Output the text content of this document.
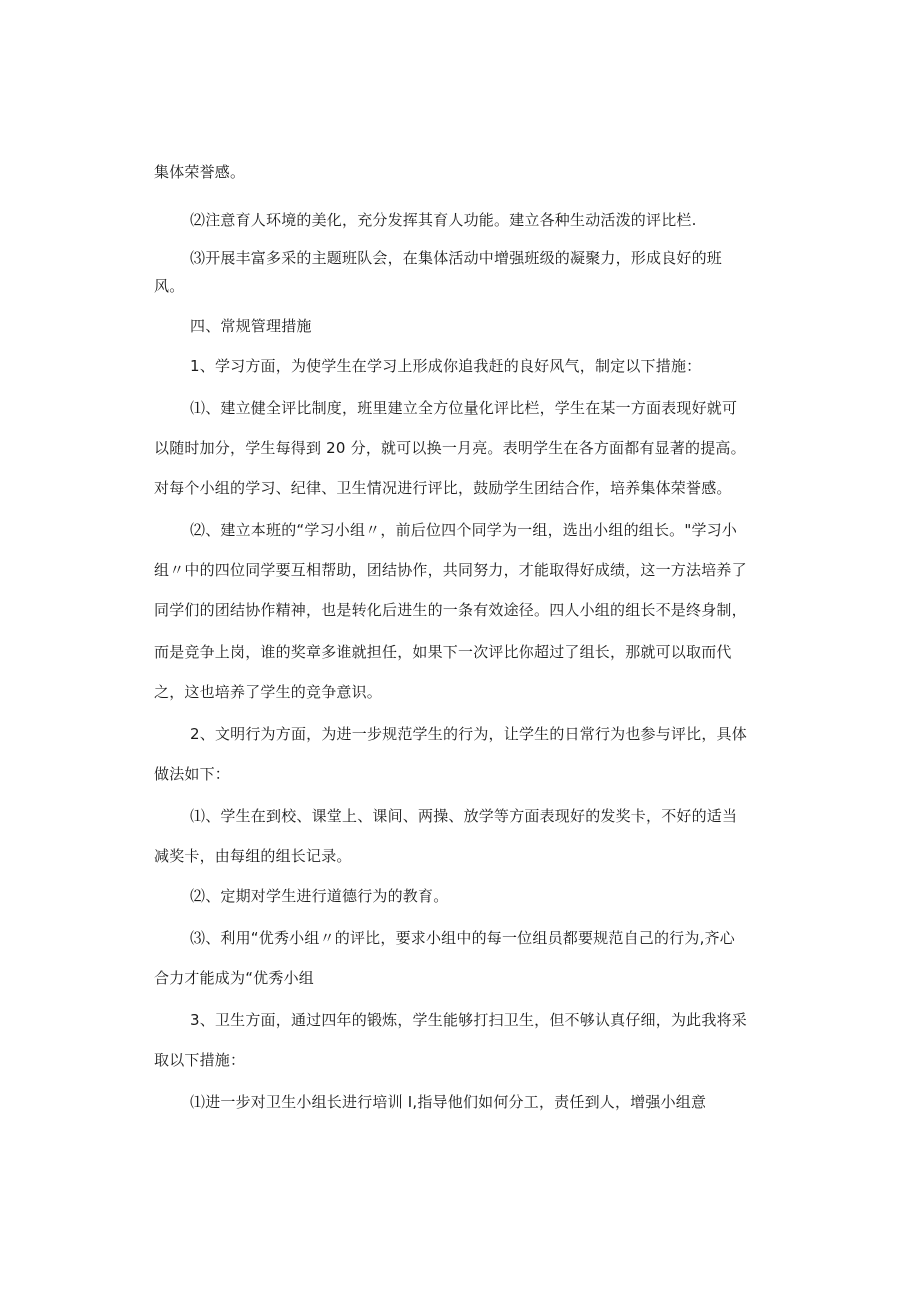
集体荣誉感。
⑵注意育人环境的美化，充分发挥其育人功能。建立各种生动活泼的评比栏.
⑶开展丰富多采的主题班队会，在集体活动中增强班级的凝聚力，形成良好的班
风。
四、常规管理措施
1、学习方面，为使学生在学习上形成你追我赶的良好风气，制定以下措施：
⑴、建立健全评比制度，班里建立全方位量化评比栏，学生在某一方面表现好就可
以随时加分，学生每得到 20 分，就可以换一月亮。表明学生在各方面都有显著的提高。
对每个小组的学习、纪律、卫生情况进行评比，鼓励学生团结合作，培养集体荣誉感。
⑵、建立本班的“学习小组〃，前后位四个同学为一组，选出小组的组长。"学习小
组〃中的四位同学要互相帮助，团结协作，共同努力，才能取得好成绩，这一方法培养了
同学们的团结协作精神，也是转化后进生的一条有效途径。四人小组的组长不是终身制，
而是竞争上岗，谁的奖章多谁就担任，如果下一次评比你超过了组长，那就可以取而代
之，这也培养了学生的竞争意识。
2、文明行为方面，为进一步规范学生的行为，让学生的日常行为也参与评比，具体
做法如下：
⑴、学生在到校、课堂上、课间、两操、放学等方面表现好的发奖卡，不好的适当
减奖卡，由每组的组长记录。
⑵、定期对学生进行道德行为的教育。
⑶、利用“优秀小组〃的评比，要求小组中的每一位组员都要规范自己的行为,齐心
合力才能成为“优秀小组
3、卫生方面，通过四年的锻炼，学生能够打扫卫生，但不够认真仔细，为此我将采
取以下措施：
⑴进一步对卫生小组长进行培训 I,指导他们如何分工，责任到人，增强小组意
